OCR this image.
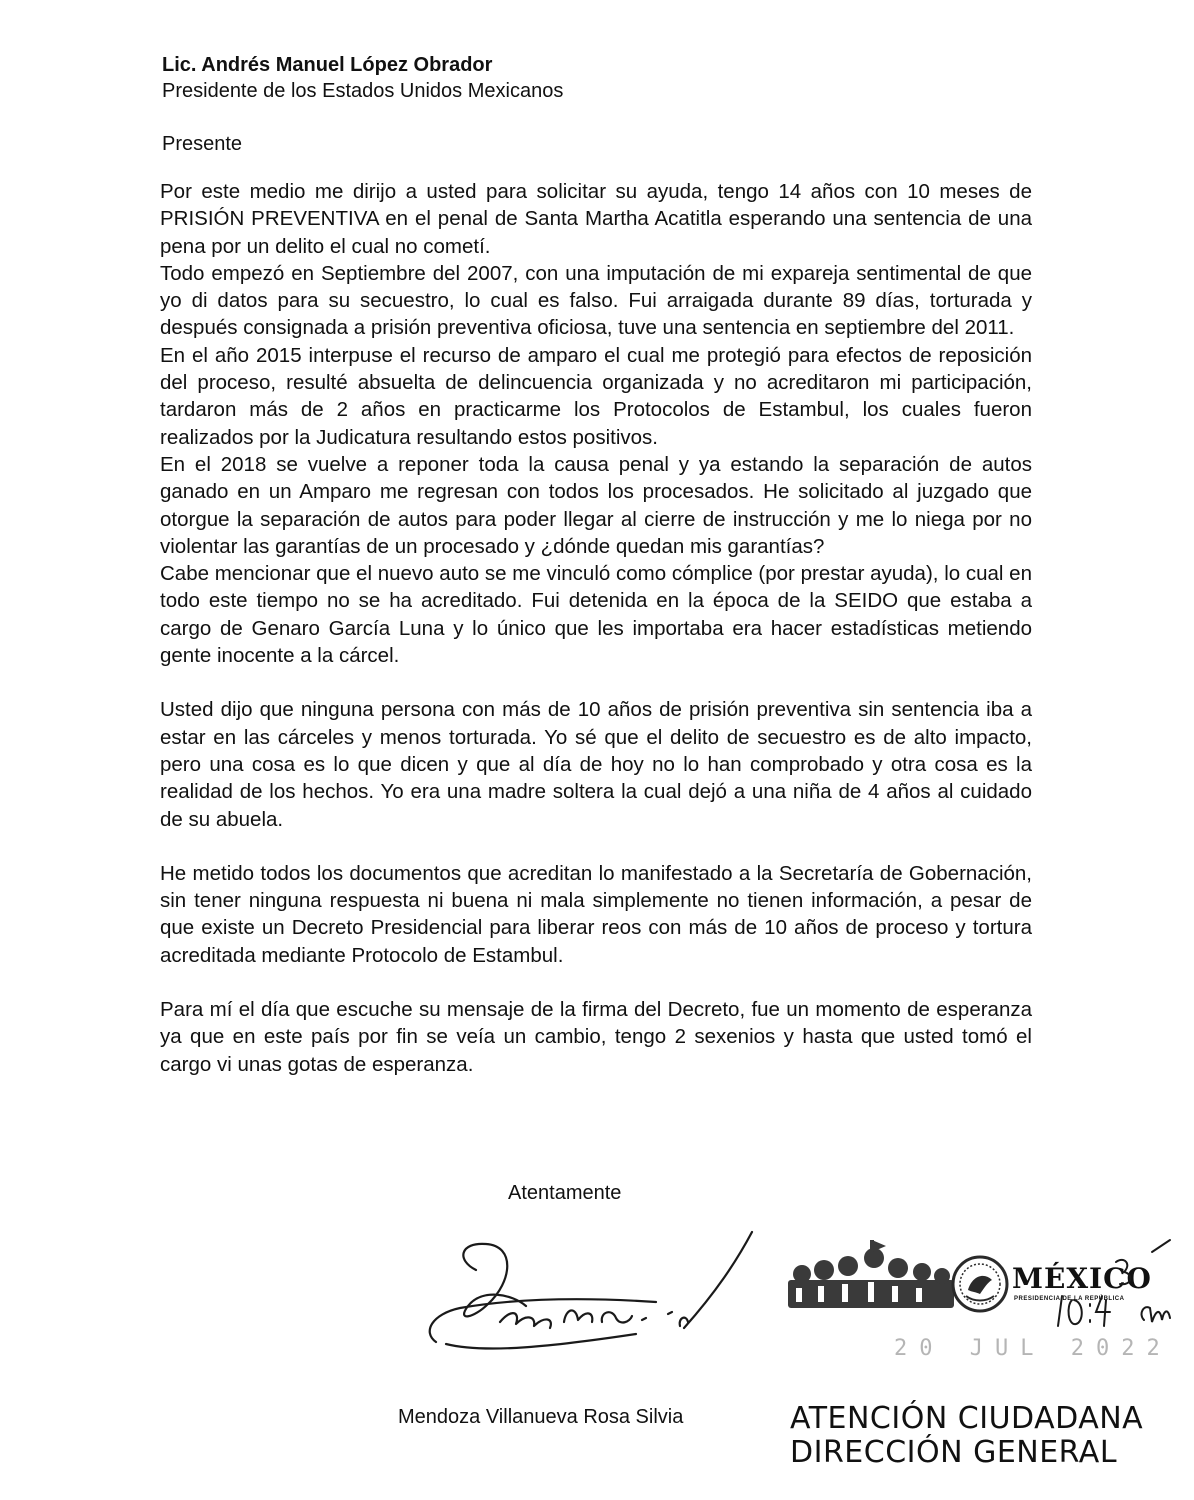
Lic. Andrés Manuel López Obrador
Presidente de los Estados Unidos Mexicanos
Presente

Por este medio me dirijo a usted para solicitar su ayuda, tengo 14 años con 10 meses de PRISIÓN PREVENTIVA en el penal de Santa Martha Acatitla esperando una sentencia de una pena por un delito el cual no cometí.

Todo empezó en Septiembre del 2007, con una imputación de mi expareja sentimental de que yo di datos para su secuestro, lo cual es falso. Fui arraigada durante 89 días, torturada y después consignada a prisión preventiva oficiosa, tuve una sentencia en septiembre del 2011.

En el año 2015 interpuse el recurso de amparo el cual me protegió para efectos de reposición del proceso, resulté absuelta de delincuencia organizada y no acreditaron mi participación, tardaron más de 2 años en practicarme los Protocolos de Estambul, los cuales fueron realizados por la Judicatura resultando estos positivos.

En el 2018 se vuelve a reponer toda la causa penal y ya estando la separación de autos ganado en un Amparo me regresan con todos los procesados. He solicitado al juzgado que otorgue la separación de autos para poder llegar al cierre de instrucción y me lo niega por no violentar las garantías de un procesado y ¿dónde quedan mis garantías?

Cabe mencionar que el nuevo auto se me vinculó como cómplice (por prestar ayuda), lo cual en todo este tiempo no se ha acreditado. Fui detenida en la época de la SEIDO que estaba a cargo de Genaro García Luna y lo único que les importaba era hacer estadísticas metiendo gente inocente a la cárcel.

Usted dijo que ninguna persona con más de 10 años de prisión preventiva sin sentencia iba a estar en las cárceles y menos torturada. Yo sé que el delito de secuestro es de alto impacto, pero una cosa es lo que dicen y que al día de hoy no lo han comprobado y otra cosa es la realidad de los hechos. Yo era una madre soltera la cual dejó a una niña de 4 años al cuidado de su abuela.

He metido todos los documentos que acreditan lo manifestado a la Secretaría de Gobernación, sin tener ninguna respuesta ni buena ni mala simplemente no tienen información, a pesar de que existe un Decreto Presidencial para liberar reos con más de 10 años de proceso y tortura acreditada mediante Protocolo de Estambul.

Para mí el día que escuche su mensaje de la firma del Decreto, fue un momento de esperanza ya que en este país por fin se veía un cambio, tengo 2 sexenios y hasta que usted tomó el cargo vi unas gotas de esperanza.

Atentamente
Mendoza Villanueva Rosa Silvia
MÉXICO
PRESIDENCIA DE LA REPÚBLICA
20 JUL 2022
ATENCIÓN CIUDADANA
DIRECCIÓN GENERAL
